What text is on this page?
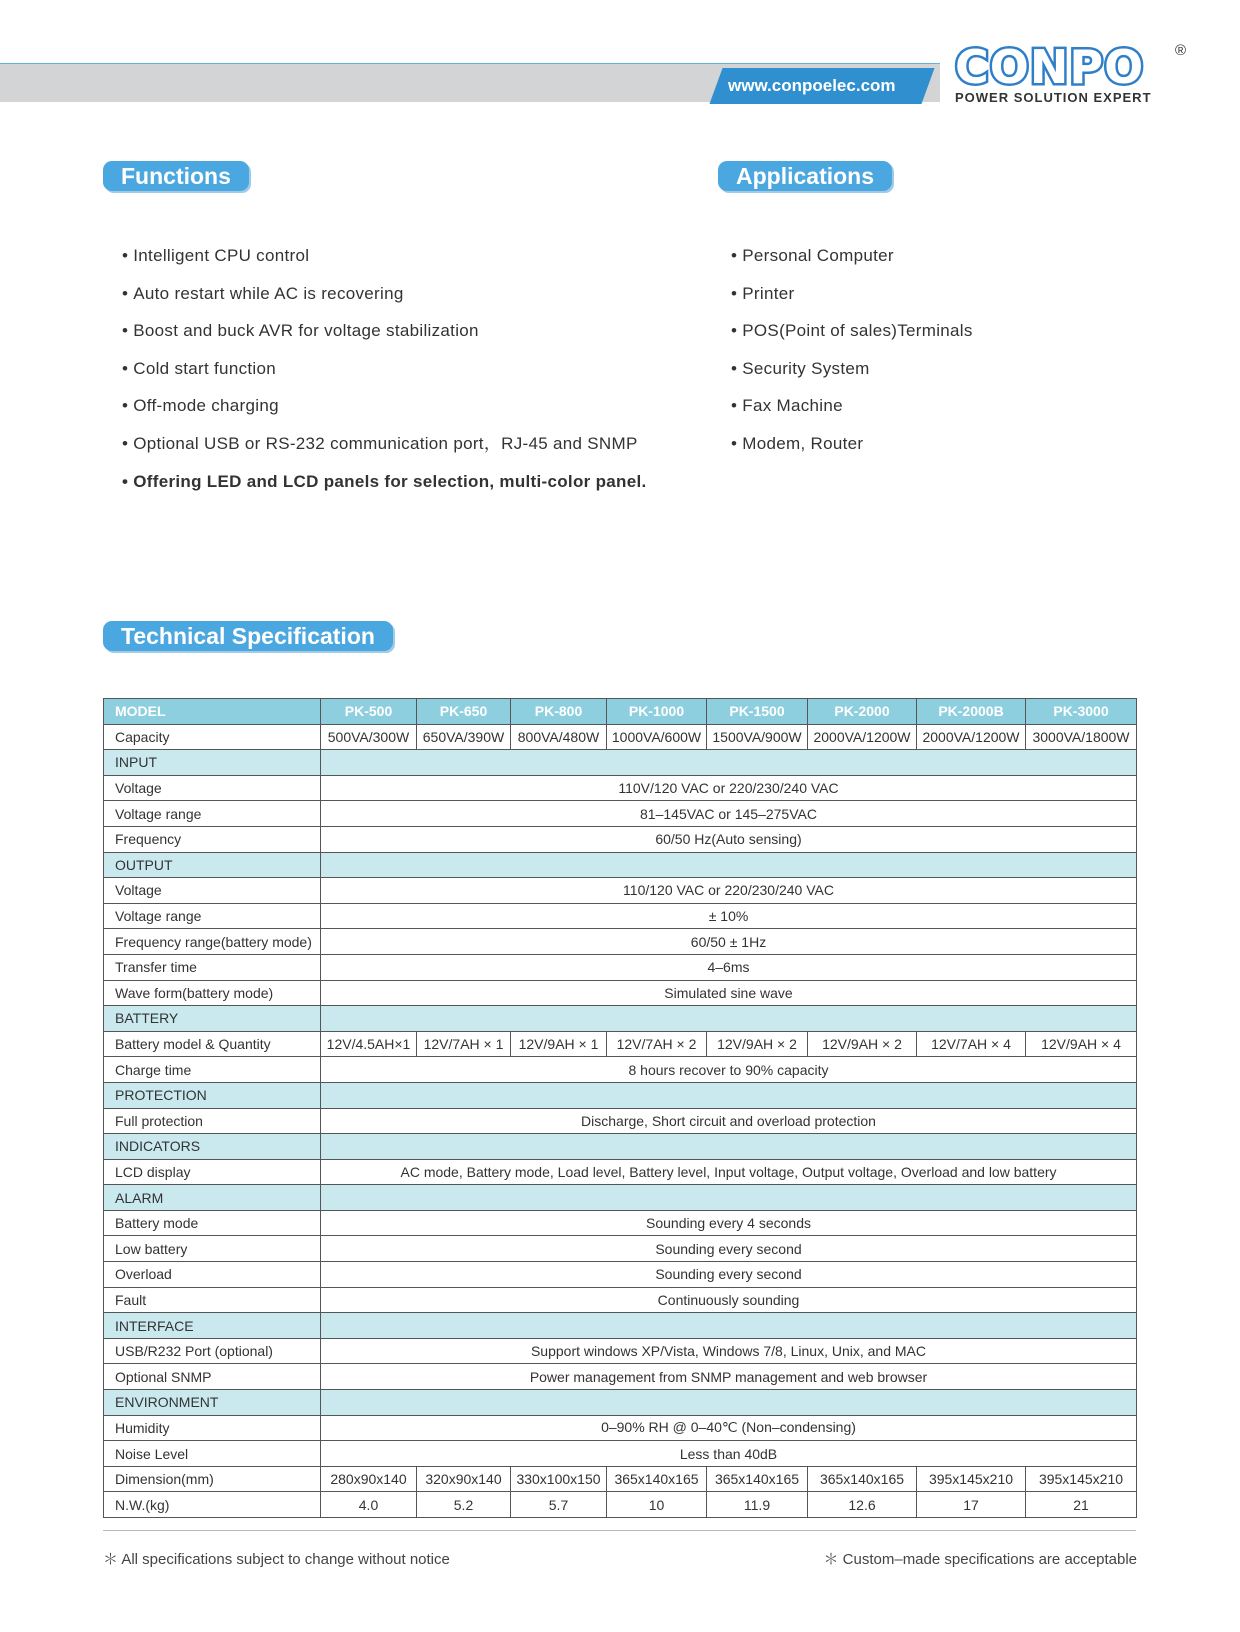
www.conpoelec.com	CONPO	®
POWER SOLUTION EXPERT
Functions	Applications
• Intelligent CPU control
• Auto restart while AC is recovering
• Boost and buck AVR for voltage stabilization
• Cold start function
• Off-mode charging
• Optional USB or RS-232 communication port，RJ-45 and SNMP
• Offering LED and LCD panels for selection, multi-color panel.
• Personal Computer
• Printer
• POS(Point of sales)Terminals
• Security System
• Fax Machine
• Modem, Router
Technical Specification
MODEL	PK-500	PK-650	PK-800	PK-1000	PK-1500	PK-2000	PK-2000B	PK-3000
Capacity	500VA/300W	650VA/390W	800VA/480W	1000VA/600W	1500VA/900W	2000VA/1200W	2000VA/1200W	3000VA/1800W
INPUT								
Voltage	110V/120 VAC or 220/230/240 VAC							
Voltage range	81–145VAC or 145–275VAC							
Frequency	60/50 Hz(Auto sensing)							
OUTPUT								
Voltage	110/120 VAC or 220/230/240 VAC							
Voltage range	± 10%							
Frequency range(battery mode)	60/50 ± 1Hz							
Transfer time	4–6ms							
Wave form(battery mode)	Simulated sine wave							
BATTERY								
Battery model & Quantity	12V/4.5AH×1	12V/7AH × 1	12V/9AH × 1	12V/7AH × 2	12V/9AH × 2	12V/9AH × 2	12V/7AH × 4	12V/9AH × 4
Charge time	8 hours recover to 90% capacity							
PROTECTION								
Full protection	Discharge, Short circuit and overload protection							
INDICATORS								
LCD display	AC mode, Battery mode, Load level, Battery level, Input voltage, Output voltage, Overload and low battery							
ALARM								
Battery mode	Sounding every 4 seconds							
Low battery	Sounding every second							
Overload	Sounding every second							
Fault	Continuously sounding							
INTERFACE								
USB/R232 Port (optional)	Support windows XP/Vista, Windows 7/8, Linux, Unix, and MAC							
Optional SNMP	Power management from SNMP management and web browser							
ENVIRONMENT								
Humidity	0–90% RH @ 0–40℃ (Non–condensing)							
Noise Level	Less than 40dB							
Dimension(mm)	280x90x140	320x90x140	330x100x150	365x140x165	365x140x165	365x140x165	395x145x210	395x145x210
N.W.(kg)	4.0	5.2	5.7	10	11.9	12.6	17	21
＊ All specifications subject to change without notice	＊ Custom–made specifications are acceptable
